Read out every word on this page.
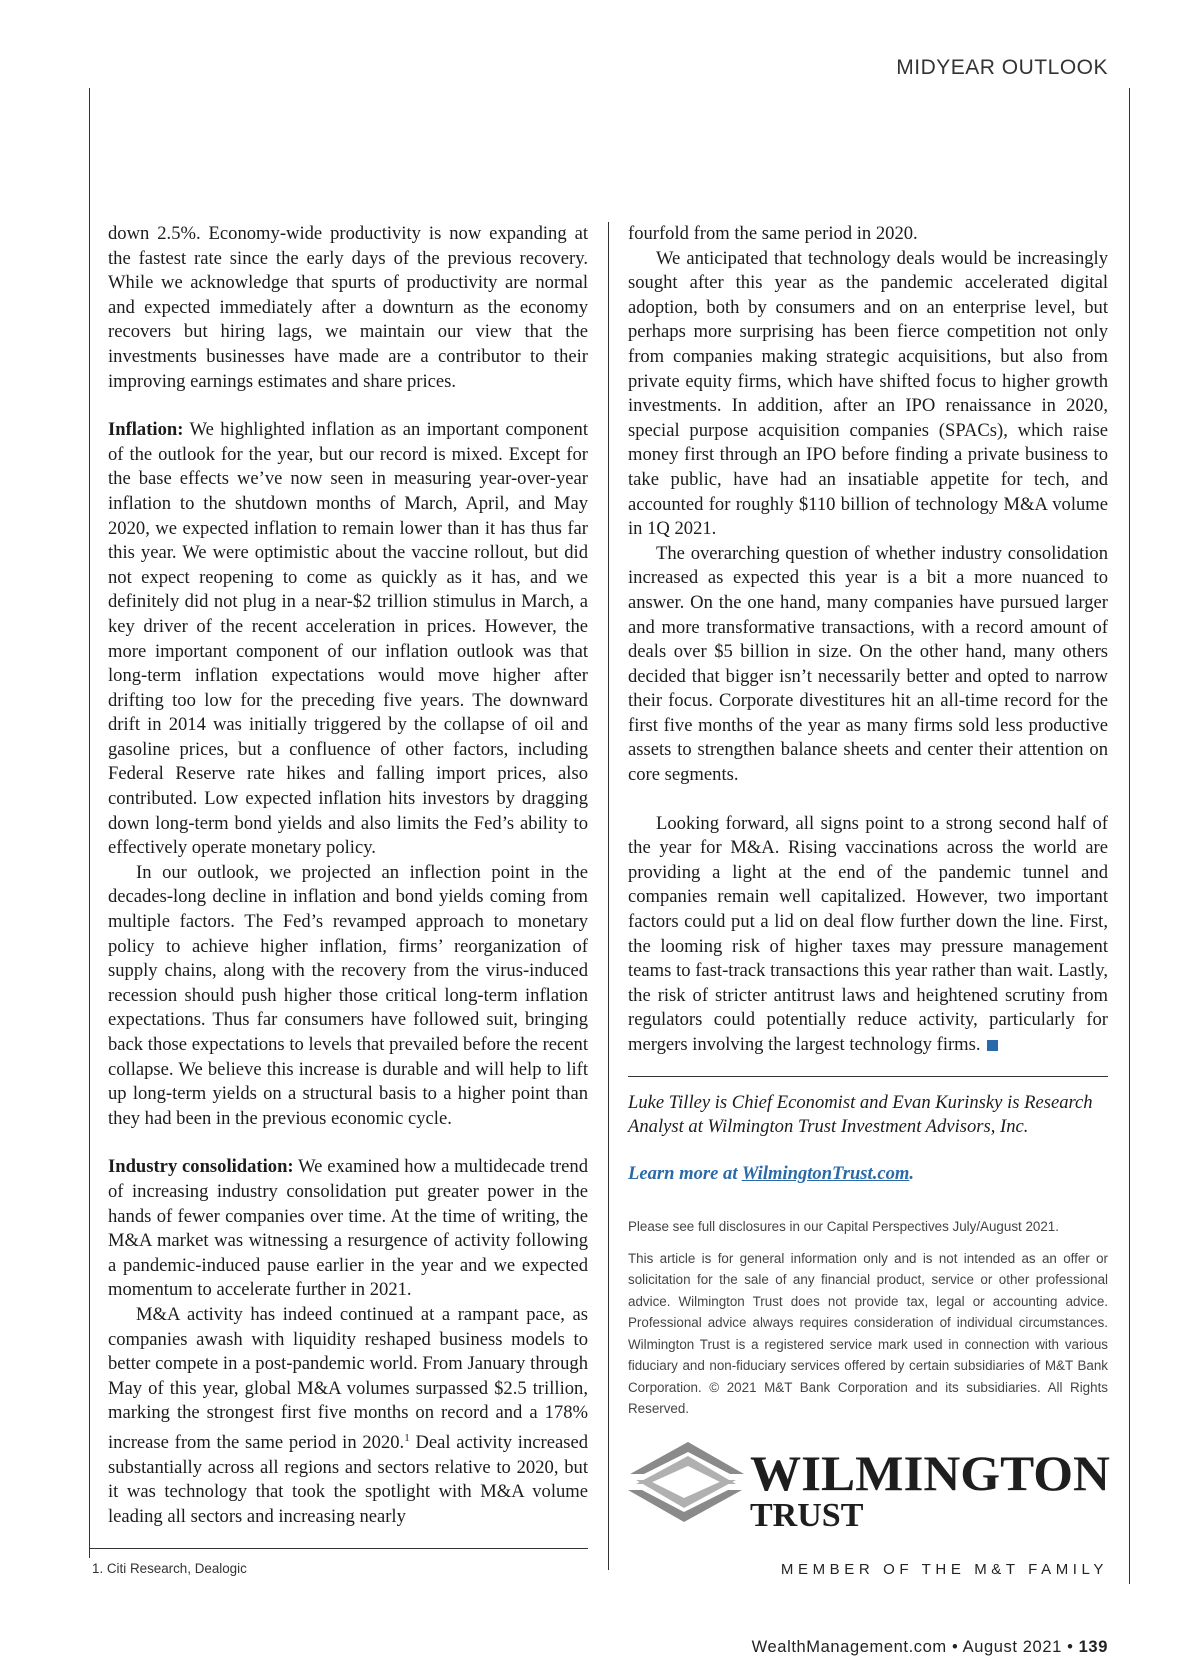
MIDYEAR OUTLOOK

down 2.5%. Economy-wide productivity is now expanding at the fastest rate since the early days of the previous recovery. While we acknowledge that spurts of productivity are normal and expected immediately after a downturn as the economy recovers but hiring lags, we maintain our view that the investments businesses have made are a contributor to their improving earnings estimates and share prices.

Inflation: We highlighted inflation as an important component of the outlook for the year, but our record is mixed. Except for the base effects we’ve now seen in measuring year-over-year inflation to the shutdown months of March, April, and May 2020, we expected inflation to remain lower than it has thus far this year. We were optimistic about the vaccine rollout, but did not expect reopening to come as quickly as it has, and we definitely did not plug in a near-$2 trillion stimulus in March, a key driver of the recent acceleration in prices. However, the more important component of our inflation outlook was that long-term inflation expectations would move higher after drifting too low for the preceding five years. The downward drift in 2014 was initially triggered by the collapse of oil and gasoline prices, but a confluence of other factors, including Federal Reserve rate hikes and falling import prices, also contributed. Low expected inflation hits investors by dragging down long-term bond yields and also limits the Fed’s ability to effectively operate monetary policy.

In our outlook, we projected an inflection point in the decades-long decline in inflation and bond yields coming from multiple factors. The Fed’s revamped approach to monetary policy to achieve higher inflation, firms’ reorganization of supply chains, along with the recovery from the virus-induced recession should push higher those critical long-term inflation expectations. Thus far consumers have followed suit, bringing back those expectations to levels that prevailed before the recent collapse. We believe this increase is durable and will help to lift up long-term yields on a structural basis to a higher point than they had been in the previous economic cycle.

Industry consolidation: We examined how a multidecade trend of increasing industry consolidation put greater power in the hands of fewer companies over time. At the time of writing, the M&A market was witnessing a resurgence of activity following a pandemic-induced pause earlier in the year and we expected momentum to accelerate further in 2021.

M&A activity has indeed continued at a rampant pace, as companies awash with liquidity reshaped business models to better compete in a post-pandemic world. From January through May of this year, global M&A volumes surpassed $2.5 trillion, marking the strongest first five months on record and a 178% increase from the same period in 2020.$^1$ Deal activity increased substantially across all regions and sectors relative to 2020, but it was technology that took the spotlight with M&A volume leading all sectors and increasing nearly

fourfold from the same period in 2020.

We anticipated that technology deals would be increasingly sought after this year as the pandemic accelerated digital adoption, both by consumers and on an enterprise level, but perhaps more surprising has been fierce competition not only from companies making strategic acquisitions, but also from private equity firms, which have shifted focus to higher growth investments. In addition, after an IPO renaissance in 2020, special purpose acquisition companies (SPACs), which raise money first through an IPO before finding a private business to take public, have had an insatiable appetite for tech, and accounted for roughly $110 billion of technology M&A volume in 1Q 2021.

The overarching question of whether industry consolidation increased as expected this year is a bit a more nuanced to answer. On the one hand, many companies have pursued larger and more transformative transactions, with a record amount of deals over $5 billion in size. On the other hand, many others decided that bigger isn’t necessarily better and opted to narrow their focus. Corporate divestitures hit an all-time record for the first five months of the year as many firms sold less productive assets to strengthen balance sheets and center their attention on core segments.

Looking forward, all signs point to a strong second half of the year for M&A. Rising vaccinations across the world are providing a light at the end of the pandemic tunnel and companies remain well capitalized. However, two important factors could put a lid on deal flow further down the line. First, the looming risk of higher taxes may pressure management teams to fast-track transactions this year rather than wait. Lastly, the risk of stricter antitrust laws and heightened scrutiny from regulators could potentially reduce activity, particularly for mergers involving the largest technology firms.

Luke Tilley is Chief Economist and Evan Kurinsky is Research Analyst at Wilmington Trust Investment Advisors, Inc.

Learn more at WilmingtonTrust.com.

Please see full disclosures in our Capital Perspectives July/August 2021.

This article is for general information only and is not intended as an offer or solicitation for the sale of any financial product, service or other professional advice. Wilmington Trust does not provide tax, legal or accounting advice. Professional advice always requires consideration of individual circumstances. Wilmington Trust is a registered service mark used in connection with various fiduciary and non-fiduciary services offered by certain subsidiaries of M&T Bank Corporation. © 2021 M&T Bank Corporation and its subsidiaries. All Rights Reserved.

WILMINGTON
TRUST
MEMBER OF THE M&T FAMILY
1. Citi Research, Dealogic
WealthManagement.com • August 2021 • 139
